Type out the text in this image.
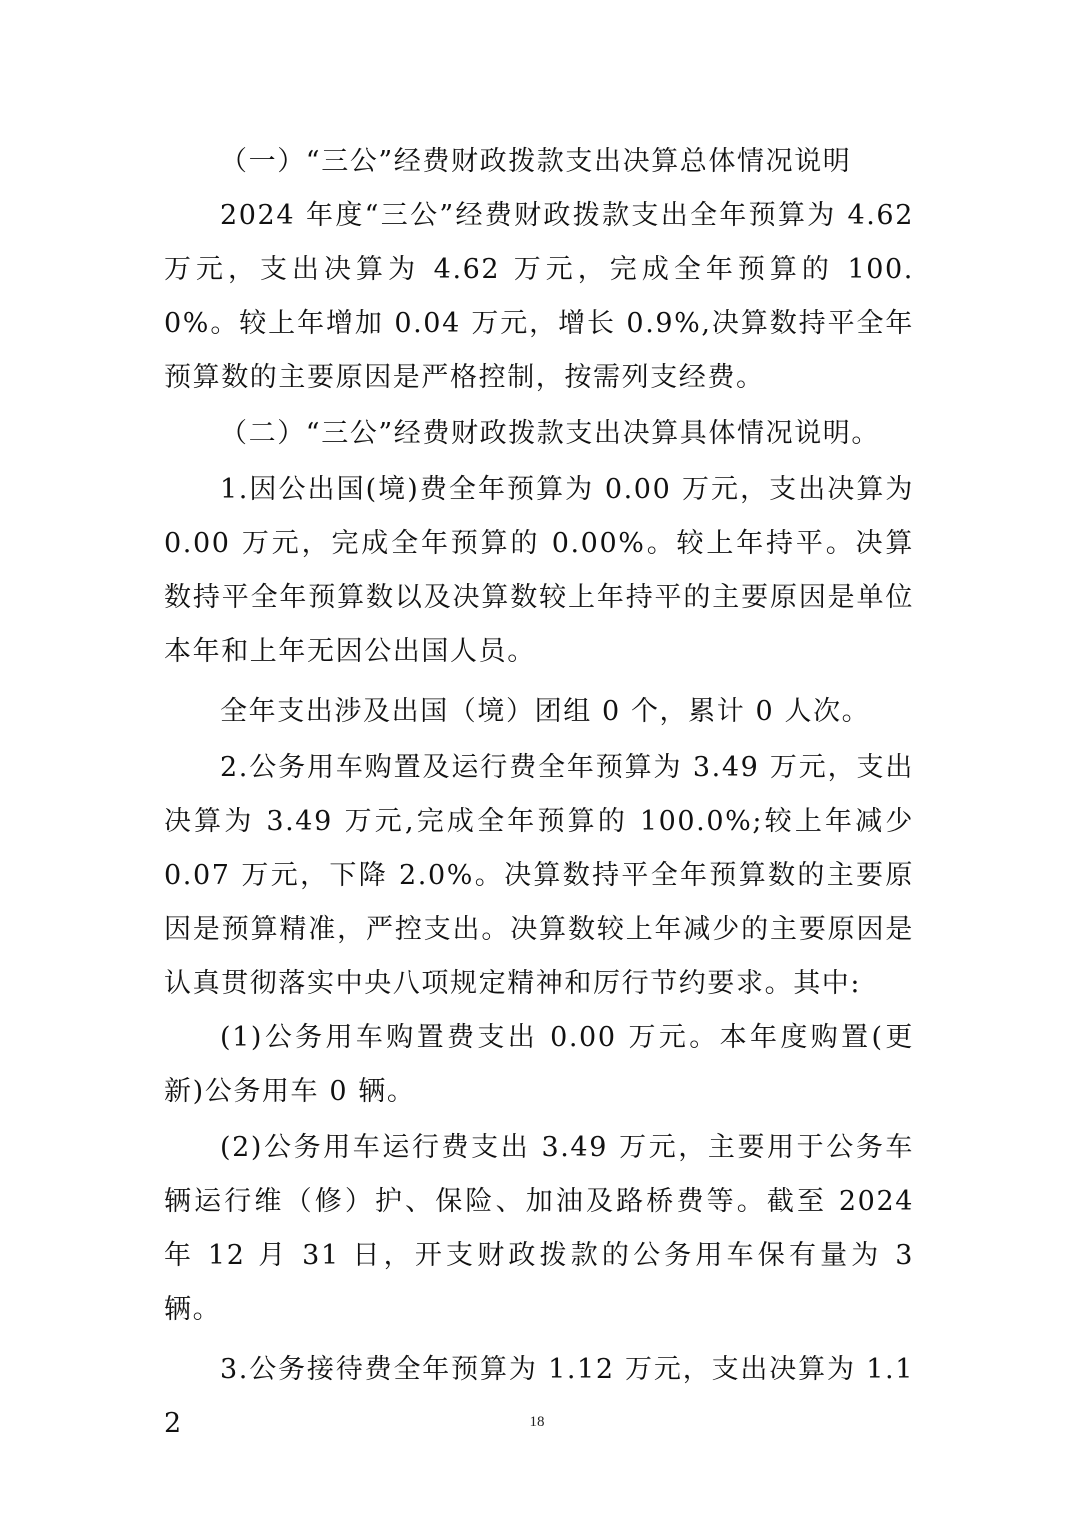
（一）“三公”经费财政拨款支出决算总体情况说明

2024 年度“三公”经费财政拨款支出全年预算为 4.62 万元，支出决算为 4.62 万元，完成全年预算的 100.0%。较上年增加 0.04 万元，增长 0.9%,决算数持平全年预算数的主要原因是严格控制，按需列支经费。

（二）“三公”经费财政拨款支出决算具体情况说明。

1.因公出国(境)费全年预算为 0.00 万元，支出决算为 0.00 万元，完成全年预算的 0.00%。较上年持平。决算数持平全年预算数以及决算数较上年持平的主要原因是单位本年和上年无因公出国人员。

全年支出涉及出国（境）团组 0 个，累计 0 人次。

2.公务用车购置及运行费全年预算为 3.49 万元，支出决算为 3.49 万元,完成全年预算的 100.0%;较上年减少 0.07 万元，下降 2.0%。决算数持平全年预算数的主要原因是预算精准，严控支出。决算数较上年减少的主要原因是认真贯彻落实中央八项规定精神和厉行节约要求。其中:

(1)公务用车购置费支出 0.00 万元。本年度购置(更新)公务用车 0 辆。

(2)公务用车运行费支出 3.49 万元，主要用于公务车辆运行维（修）护、保险、加油及路桥费等。截至 2024 年 12 月 31 日，开支财政拨款的公务用车保有量为 3 辆。

3.公务接待费全年预算为 1.12 万元，支出决算为 1.12	18
